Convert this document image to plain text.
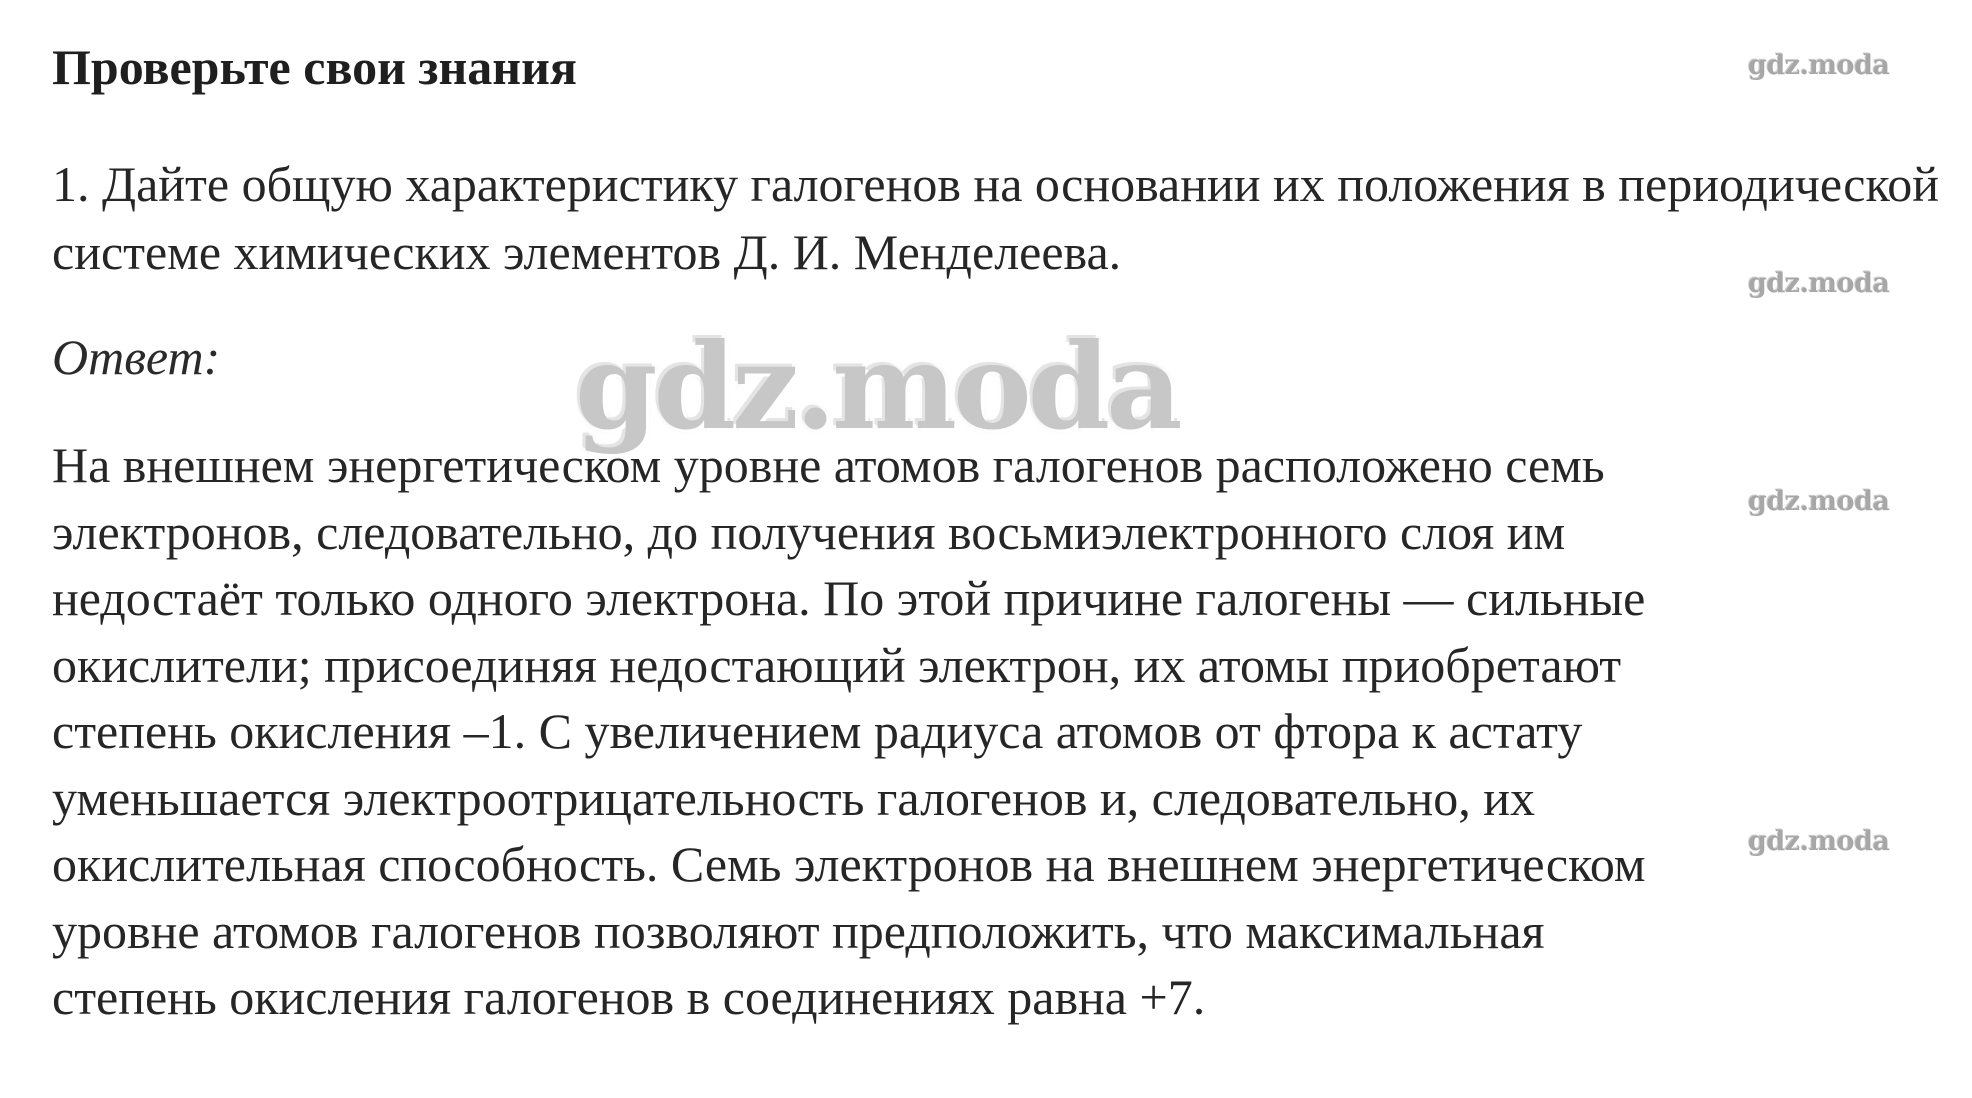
Проверьте свои знания

1. Дайте общую характеристику галогенов на основании их положения в периодической системе химических элементов Д. И. Менделеева.

Ответ:

На внешнем энергетическом уровне атомов галогенов расположено семь
электронов, следовательно, до получения восьмиэлектронного слоя им
недостаёт только одного электрона. По этой причине галогены — сильные
окислители; присоединяя недостающий электрон, их атомы приобретают
степень окисления –1. С увеличением радиуса атомов от фтора к астату
уменьшается электроотрицательность галогенов и, следовательно, их
окислительная способность. Семь электронов на внешнем энергетическом
уровне атомов галогенов позволяют предположить, что максимальная
степень окисления галогенов в соединениях равна +7.

gdz.moda
gdz.moda
gdz.moda
gdz.moda
gdz.moda
